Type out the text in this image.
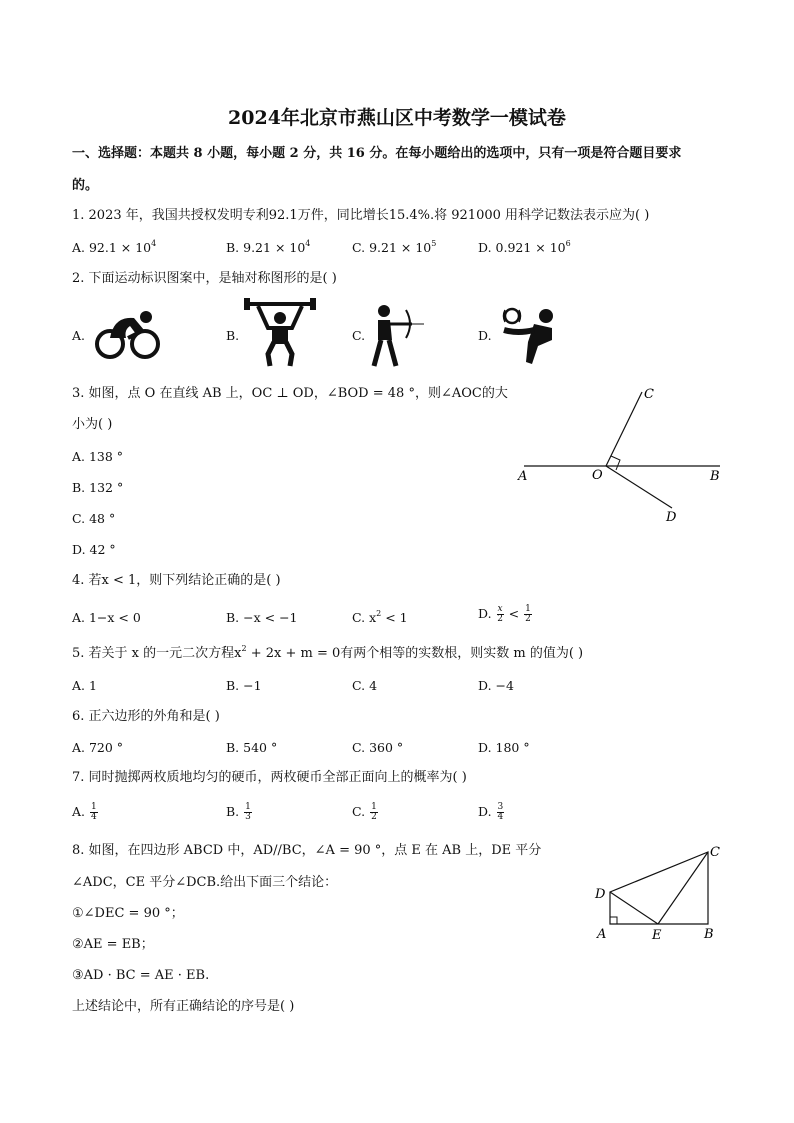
2024年北京市燕山区中考数学一模试卷
一、选择题：本题共 8 小题，每小题 2 分，共 16 分。在每小题给出的选项中，只有一项是符合题目要求
的。
1. 2023 年，我国共授权发明专利92.1万件，同比增长15.4%.将 921000 用科学记数法表示应为( )
A. $92.1 \times 10^4$	B. $9.21 \times 10^4$	C. $9.21 \times 10^5$	D. $0.921 \times 10^6$
2. 下面运动标识图案中，是轴对称图形的是( )
A.	B.	C.	D.
3. 如图，点 O 在直线 AB 上，OC ⊥ OD，∠BOD = 48 °，则∠AOC的大
小为( )
A. 138 °
B. 132 °
C. 48 °
D. 42 °
C
A	O	B
D
4. 若x < 1，则下列结论正确的是( )
A. 1−x < 0	B. −x < −1	C. $x^2 < 1$	D. $\frac{x}{2} < \frac{1}{2}$
5. 若关于 x 的一元二次方程$x^2 + 2x + m = 0$有两个相等的实数根，则实数 m 的值为( )
A. 1	B. −1	C. 4	D. −4
6. 正六边形的外角和是( )
A. 720 °	B. 540 °	C. 360 °	D. 180 °
7. 同时抛掷两枚质地均匀的硬币，两枚硬币全部正面向上的概率为( )
A. $\frac{1}{4}$	B. $\frac{1}{3}$	C. $\frac{1}{2}$	D. $\frac{3}{4}$
8. 如图，在四边形 ABCD 中，AD//BC，∠A = 90 °，点 E 在 AB 上，DE 平分
∠ADC，CE 平分∠DCB.给出下面三个结论：
①∠DEC = 90 °；
②AE = EB；
③AD · BC = AE · EB.
上述结论中，所有正确结论的序号是( )
C
D
A	E	B
